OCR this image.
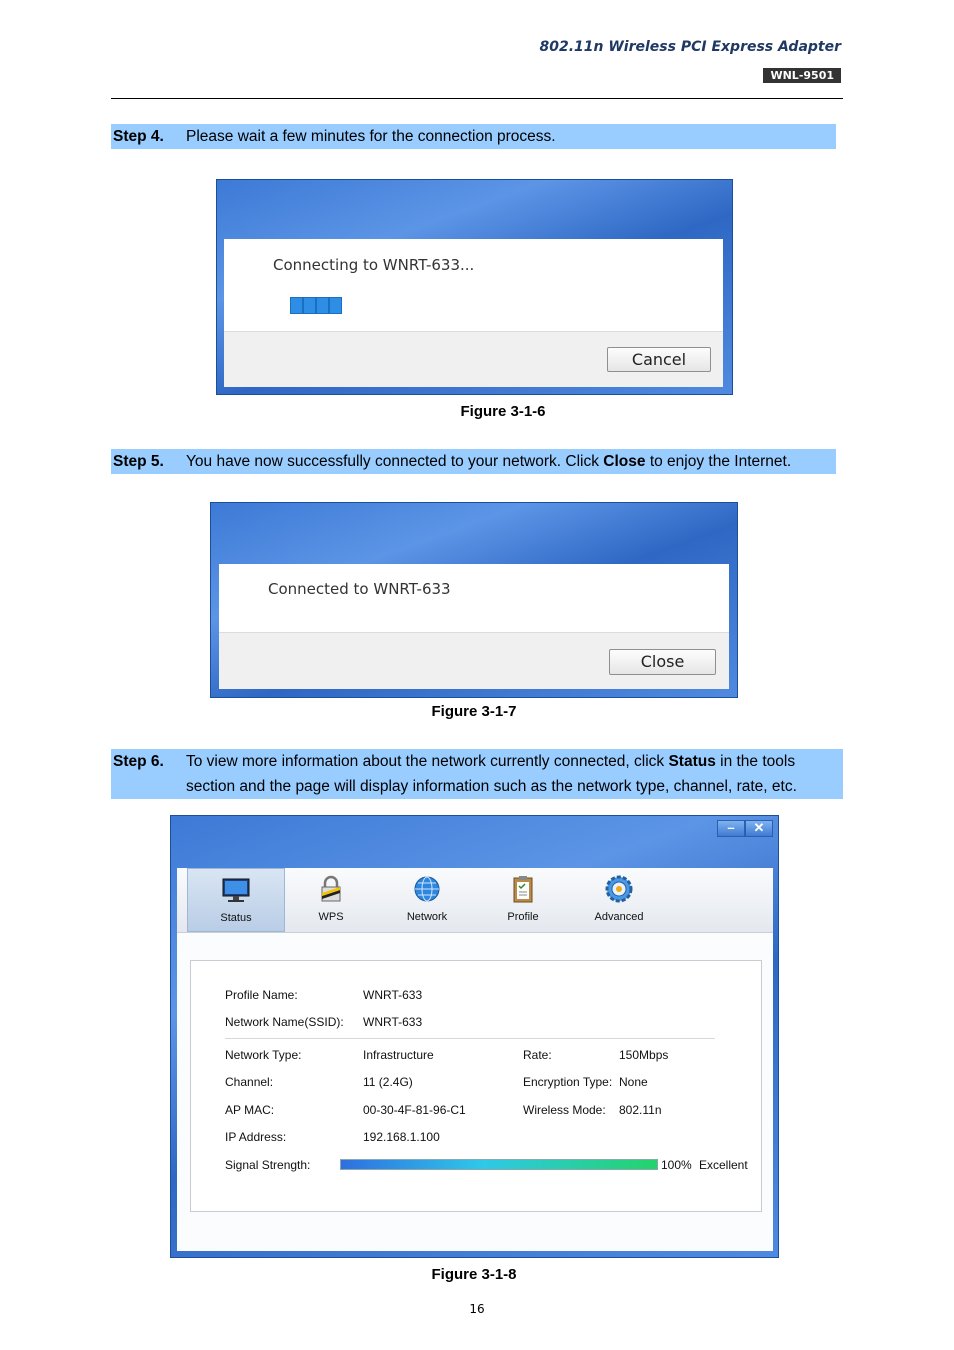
802.11n Wireless PCI Express Adapter
WNL-9501
Step 4. Please wait a few minutes for the connection process.
Connecting to WNRT-633...
Cancel
Figure 3-1-6
Step 5. You have now successfully connected to your network. Click Close to enjoy the Internet.
Connected to WNRT-633
Close
Figure 3-1-7
Step 6. To view more information about the network currently connected, click Status in the tools section and the page will display information such as the network type, channel, rate, etc.
–	✕
Status	WPS	Network	Profile	Advanced
Profile Name:	WNRT-633
Network Name(SSID): WNRT-633
Network Type:	Infrastructure	Rate:	150Mbps
Channel:	11 (2.4G)	Encryption Type: None
AP MAC:	00-30-4F-81-96-C1	Wireless Mode: 802.11n
IP Address:	192.168.1.100
Signal Strength:	100% Excellent
Figure 3-1-8
16
